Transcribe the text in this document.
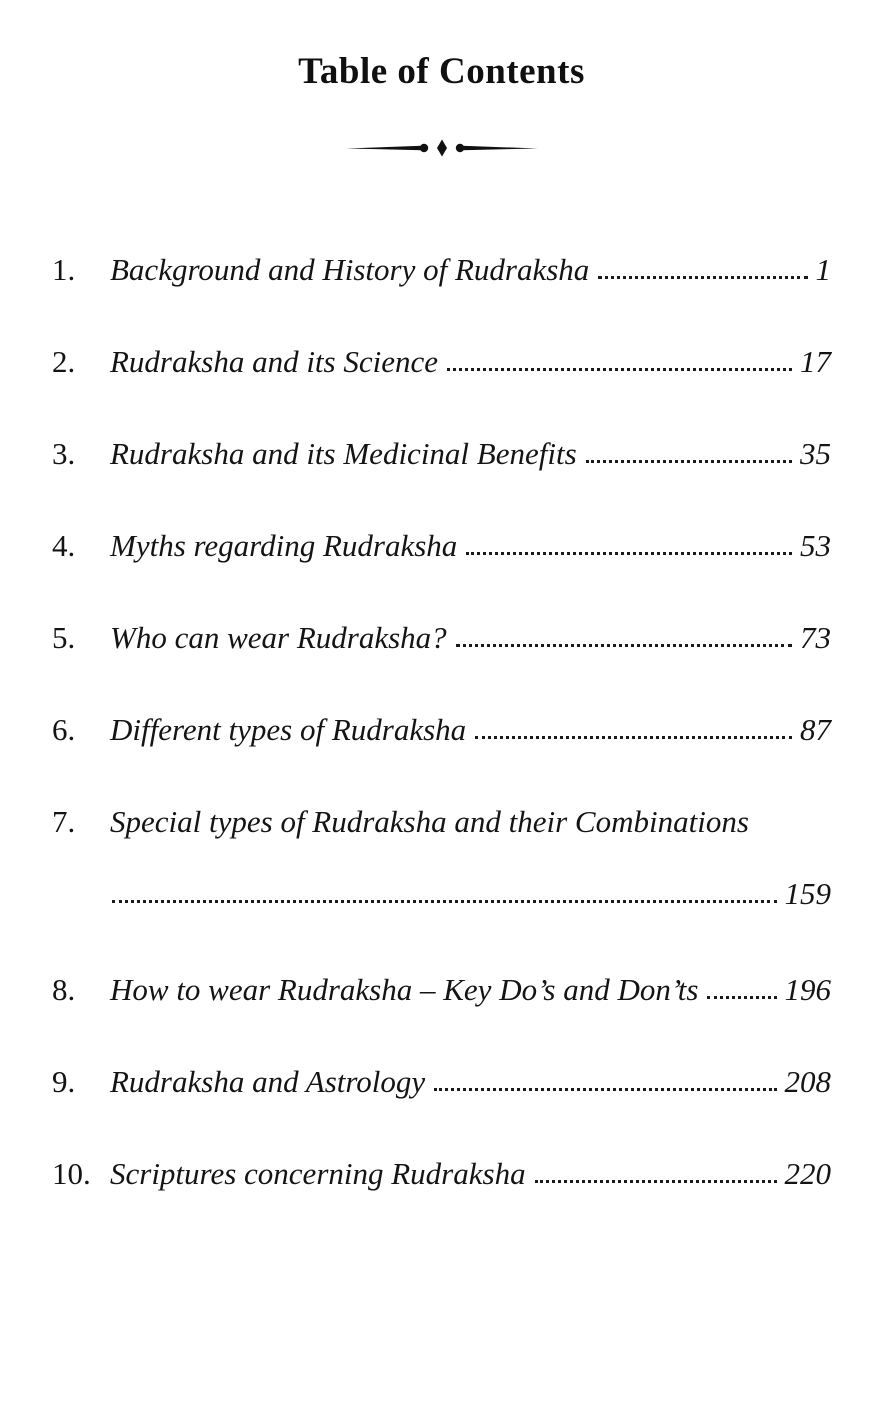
Table of Contents
1.	Background and History of Rudraksha	1
2.	Rudraksha and its Science	17
3.	Rudraksha and its Medicinal Benefits	35
4.	Myths regarding Rudraksha	53
5.	Who can wear Rudraksha?	73
6.	Different types of Rudraksha	87
7.	Special types of Rudraksha and their Combinations
159
8.	How to wear Rudraksha – Key Do’s and Don’ts	196
9.	Rudraksha and Astrology	208
10. Scriptures concerning Rudraksha	220
